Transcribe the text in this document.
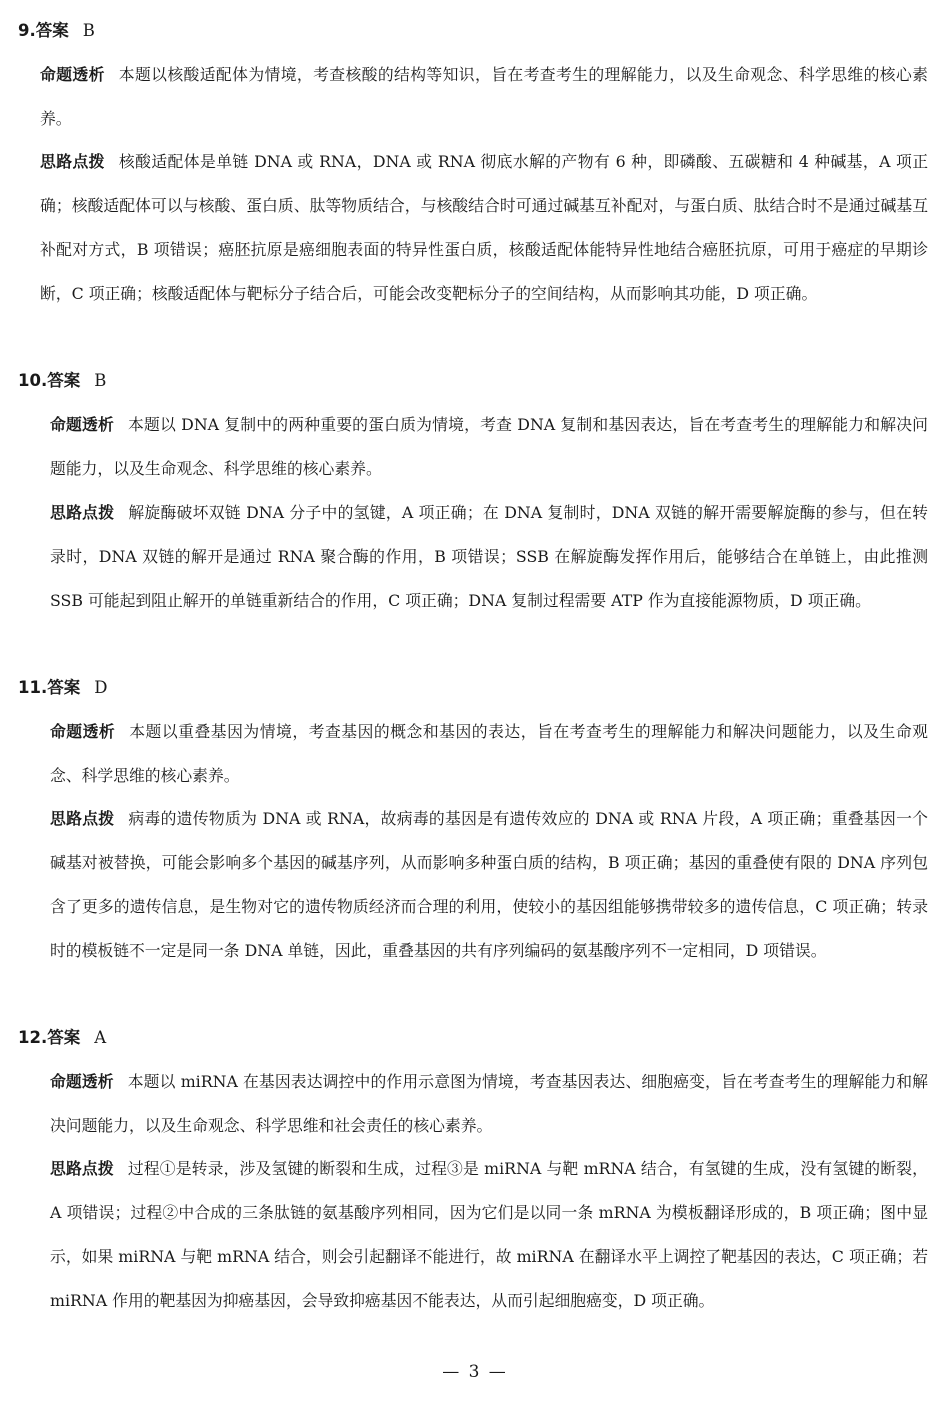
9.答案 B

命题透析 本题以核酸适配体为情境，考查核酸的结构等知识，旨在考查考生的理解能力，以及生命观念、科学思维的核心素养。

思路点拨 核酸适配体是单链 DNA 或 RNA，DNA 或 RNA 彻底水解的产物有 6 种，即磷酸、五碳糖和 4 种碱基，A 项正确；核酸适配体可以与核酸、蛋白质、肽等物质结合，与核酸结合时可通过碱基互补配对，与蛋白质、肽结合时不是通过碱基互补配对方式，B 项错误；癌胚抗原是癌细胞表面的特异性蛋白质，核酸适配体能特异性地结合癌胚抗原，可用于癌症的早期诊断，C 项正确；核酸适配体与靶标分子结合后，可能会改变靶标分子的空间结构，从而影响其功能，D 项正确。

10.答案 B

命题透析 本题以 DNA 复制中的两种重要的蛋白质为情境，考查 DNA 复制和基因表达，旨在考查考生的理解能力和解决问题能力，以及生命观念、科学思维的核心素养。

思路点拨 解旋酶破坏双链 DNA 分子中的氢键，A 项正确；在 DNA 复制时，DNA 双链的解开需要解旋酶的参与，但在转录时，DNA 双链的解开是通过 RNA 聚合酶的作用，B 项错误；SSB 在解旋酶发挥作用后，能够结合在单链上，由此推测 SSB 可能起到阻止解开的单链重新结合的作用，C 项正确；DNA 复制过程需要 ATP 作为直接能源物质，D 项正确。

11.答案 D

命题透析 本题以重叠基因为情境，考查基因的概念和基因的表达，旨在考查考生的理解能力和解决问题能力，以及生命观念、科学思维的核心素养。

思路点拨 病毒的遗传物质为 DNA 或 RNA，故病毒的基因是有遗传效应的 DNA 或 RNA 片段，A 项正确；重叠基因一个碱基对被替换，可能会影响多个基因的碱基序列，从而影响多种蛋白质的结构，B 项正确；基因的重叠使有限的 DNA 序列包含了更多的遗传信息，是生物对它的遗传物质经济而合理的利用，使较小的基因组能够携带较多的遗传信息，C 项正确；转录时的模板链不一定是同一条 DNA 单链，因此，重叠基因的共有序列编码的氨基酸序列不一定相同，D 项错误。

12.答案 A

命题透析 本题以 miRNA 在基因表达调控中的作用示意图为情境，考查基因表达、细胞癌变，旨在考查考生的理解能力和解决问题能力，以及生命观念、科学思维和社会责任的核心素养。

思路点拨 过程①是转录，涉及氢键的断裂和生成，过程③是 miRNA 与靶 mRNA 结合，有氢键的生成，没有氢键的断裂，A 项错误；过程②中合成的三条肽链的氨基酸序列相同，因为它们是以同一条 mRNA 为模板翻译形成的，B 项正确；图中显示，如果 miRNA 与靶 mRNA 结合，则会引起翻译不能进行，故 miRNA 在翻译水平上调控了靶基因的表达，C 项正确；若 miRNA 作用的靶基因为抑癌基因，会导致抑癌基因不能表达，从而引起细胞癌变，D 项正确。

— 3 —
